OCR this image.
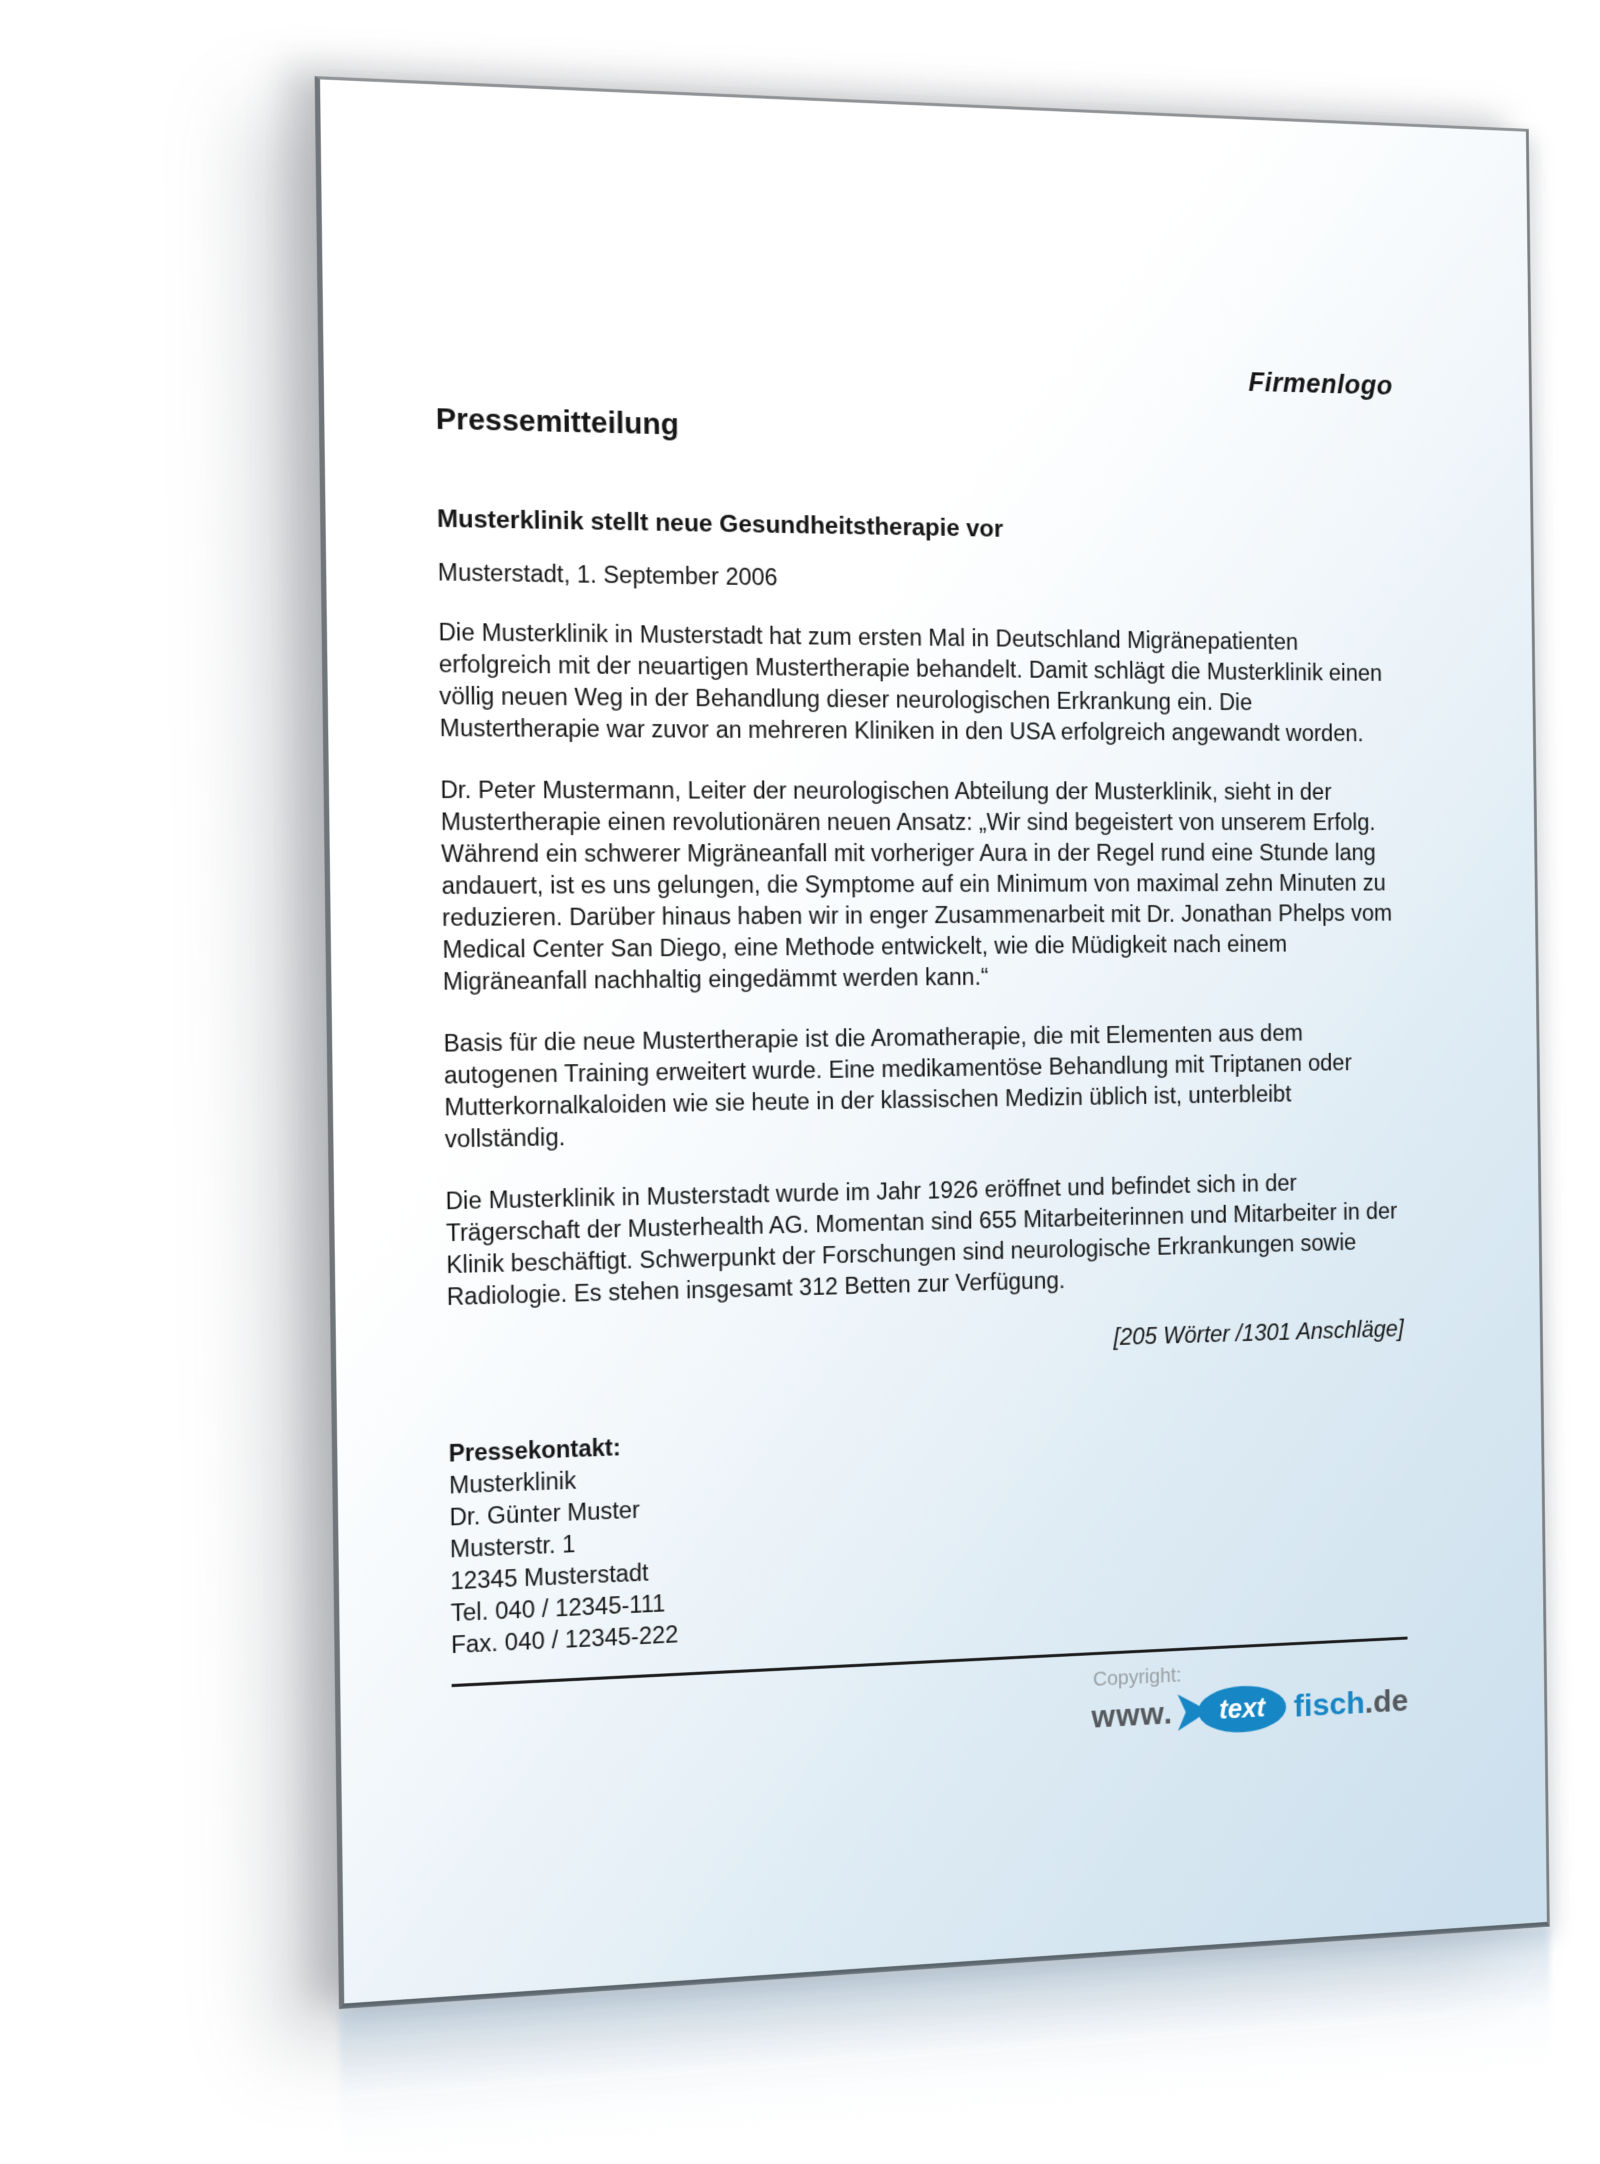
Firmenlogo
Pressemitteilung
Musterklinik stellt neue Gesundheitstherapie vor
Musterstadt, 1. September 2006

Die Musterklinik in Musterstadt hat zum ersten Mal in Deutschland Migränepatienten erfolgreich mit der neuartigen Mustertherapie behandelt. Damit schlägt die Musterklinik einen völlig neuen Weg in der Behandlung dieser neurologischen Erkrankung ein. Die Mustertherapie war zuvor an mehreren Kliniken in den USA erfolgreich angewandt worden.

Dr. Peter Mustermann, Leiter der neurologischen Abteilung der Musterklinik, sieht in der Mustertherapie einen revolutionären neuen Ansatz: „Wir sind begeistert von unserem Erfolg. Während ein schwerer Migräneanfall mit vorheriger Aura in der Regel rund eine Stunde lang andauert, ist es uns gelungen, die Symptome auf ein Minimum von maximal zehn Minuten zu reduzieren. Darüber hinaus haben wir in enger Zusammenarbeit mit Dr. Jonathan Phelps vom Medical Center San Diego, eine Methode entwickelt, wie die Müdigkeit nach einem Migräneanfall nachhaltig eingedämmt werden kann.“

Basis für die neue Mustertherapie ist die Aromatherapie, die mit Elementen aus dem autogenen Training erweitert wurde. Eine medikamentöse Behandlung mit Triptanen oder Mutterkornalkaloiden wie sie heute in der klassischen Medizin üblich ist, unterbleibt vollständig.

Die Musterklinik in Musterstadt wurde im Jahr 1926 eröffnet und befindet sich in der Trägerschaft der Musterhealth AG. Momentan sind 655 Mitarbeiterinnen und Mitarbeiter in der Klinik beschäftigt. Schwerpunkt der Forschungen sind neurologische Erkrankungen sowie Radiologie. Es stehen insgesamt 312 Betten zur Verfügung.

[205 Wörter /1301 Anschläge]
Pressekontakt:
Musterklinik
Dr. Günter Muster
Musterstr. 1
12345 Musterstadt
Tel. 040 / 12345-111
Fax. 040 / 12345-222
Copyright:
www. text fisch .de
